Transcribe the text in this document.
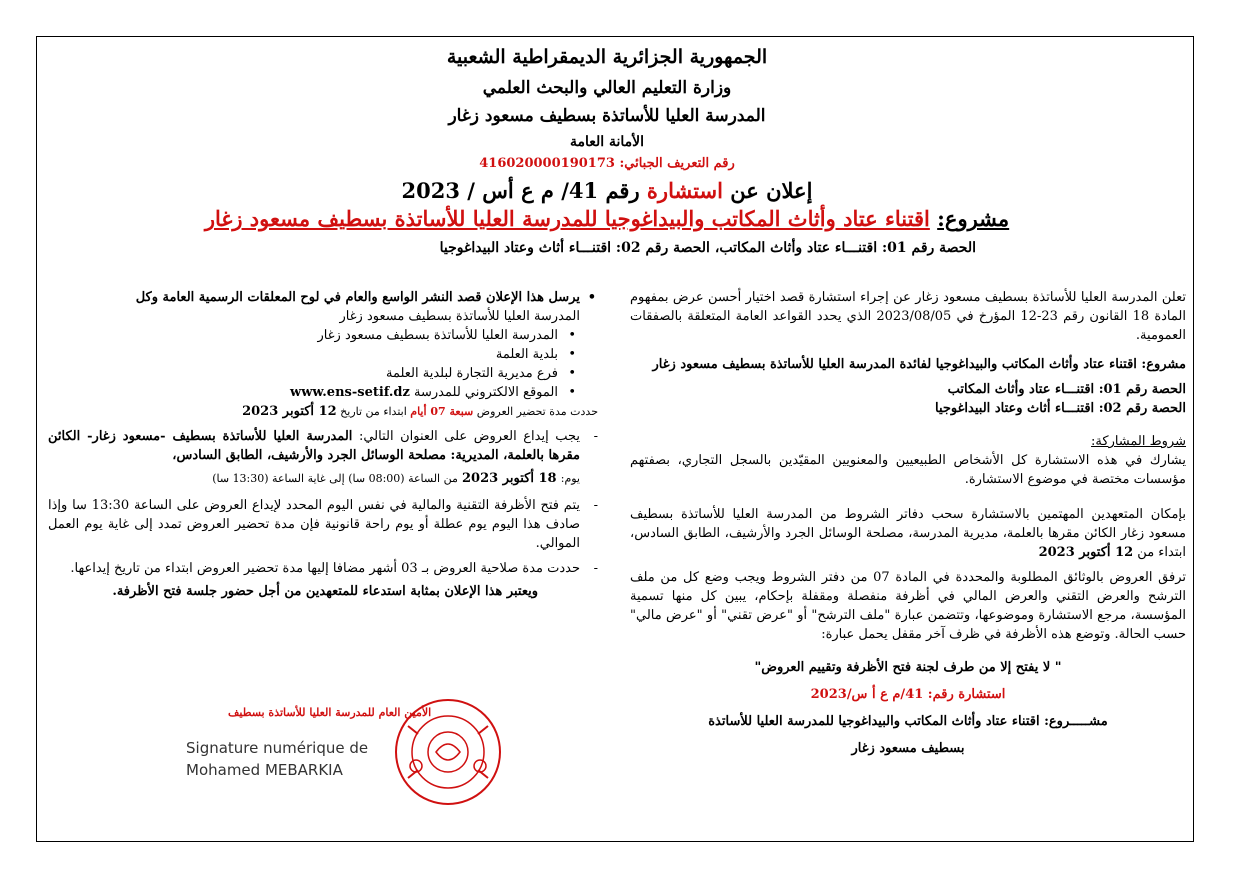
الجمهورية الجزائرية الديمقراطية الشعبية
وزارة التعليم العالي والبحث العلمي
المدرسة العليا للأساتذة بسطيف مسعود زغار
الأمانة العامة
رقم التعريف الجبائي: 416020000190173
إعلان عن استشارة رقم 41/ م ع أس / 2023
مشروع: اقتناء عتاد وأثاث المكاتب والبيداغوجيا للمدرسة العليا للأساتذة بسطيف مسعود زغار
الحصة رقم 01: اقتنـــاء عتاد وأثاث المكاتب، الحصة رقم 02: اقتنـــاء أثاث وعتاد البيداغوجيا

تعلن المدرسة العليا للأساتذة بسطيف مسعود زغار عن إجراء استشارة قصد اختيار أحسن عرض بمفهوم المادة 18 القانون رقم 23-12 المؤرخ في 2023/08/05 الذي يحدد القواعد العامة المتعلقة بالصفقات العمومية.

مشروع: اقتناء عتاد وأثاث المكاتب والبيداغوجيا لفائدة المدرسة العليا للأساتذة بسطيف مسعود زغار

الحصة رقم 01: اقتنـــاء عتاد وأثاث المكاتب
الحصة رقم 02: اقتنـــاء أثاث وعتاد البيداغوجيا
شروط المشاركة:

يشارك في هذه الاستشارة كل الأشخاص الطبيعيين والمعنويين المقيّدين بالسجل التجاري، بصفتهم مؤسسات مختصة في موضوع الاستشارة.

بإمكان المتعهدين المهتمين بالاستشارة سحب دفاتر الشروط من المدرسة العليا للأساتذة بسطيف مسعود زغار الكائن مقرها بالعلمة، مديرية المدرسة، مصلحة الوسائل الجرد والأرشيف، الطابق السادس، ابتداء من 12 أكتوبر 2023

ترفق العروض بالوثائق المطلوبة والمحددة في المادة 07 من دفتر الشروط ويجب وضع كل من ملف الترشح والعرض التقني والعرض المالي في أظرفة منفصلة ومقفلة بإحكام، يبين كل منها تسمية المؤسسة، مرجع الاستشارة وموضوعها، وتتضمن عبارة "ملف الترشح" أو "عرض تقني" أو "عرض مالي" حسب الحالة. وتوضع هذه الأظرفة في ظرف آخر مقفل يحمل عبارة:

" لا يفتح إلا من طرف لجنة فتح الأظرفة وتقييم العروض"
استشارة رقم: 41/م ع أ س/2023
مشـــــروع: اقتناء عتاد وأثاث المكاتب والبيداغوجيا للمدرسة العليا للأساتذة
بسطيف مسعود زغار
• يرسل هذا الإعلان قصد النشر الواسع والعام في لوح المعلقات الرسمية العامة وكل
المدرسة العليا للأساتذة بسطيف مسعود زغار
• المدرسة العليا للأساتذة بسطيف مسعود زغار
• بلدية العلمة
• فرع مديرية التجارة لبلدية العلمة
• الموقع الالكتروني للمدرسة www.ens-setif.dz
حددت مدة تحضير العروض سبعة 07 أيام ابتداء من تاريخ 12 أكتوبر 2023
- يجب إيداع العروض على العنوان التالي: المدرسة العليا للأساتذة بسطيف -مسعود زغار- الكائن مقرها بالعلمة، المديرية: مصلحة الوسائل الجرد والأرشيف، الطابق السادس،
يوم: 18 أكتوبر 2023 من الساعة (08:00 سا) إلى غاية الساعة (13:30 سا)
- يتم فتح الأظرفة التقنية والمالية في نفس اليوم المحدد لإيداع العروض على الساعة 13:30 سا وإذا صادف هذا اليوم يوم عطلة أو يوم راحة قانونية فإن مدة تحضير العروض تمدد إلى غاية يوم العمل الموالي.
- حددت مدة صلاحية العروض بـ 03 أشهر مضافا إليها مدة تحضير العروض ابتداء من تاريخ إيداعها.
ويعتبر هذا الإعلان بمثابة استدعاء للمتعهدين من أجل حضور جلسة فتح الأظرفة.
الأمين العام للمدرسة العليا للأساتذة بسطيف
Signature numérique de
Mohamed MEBARKIA
